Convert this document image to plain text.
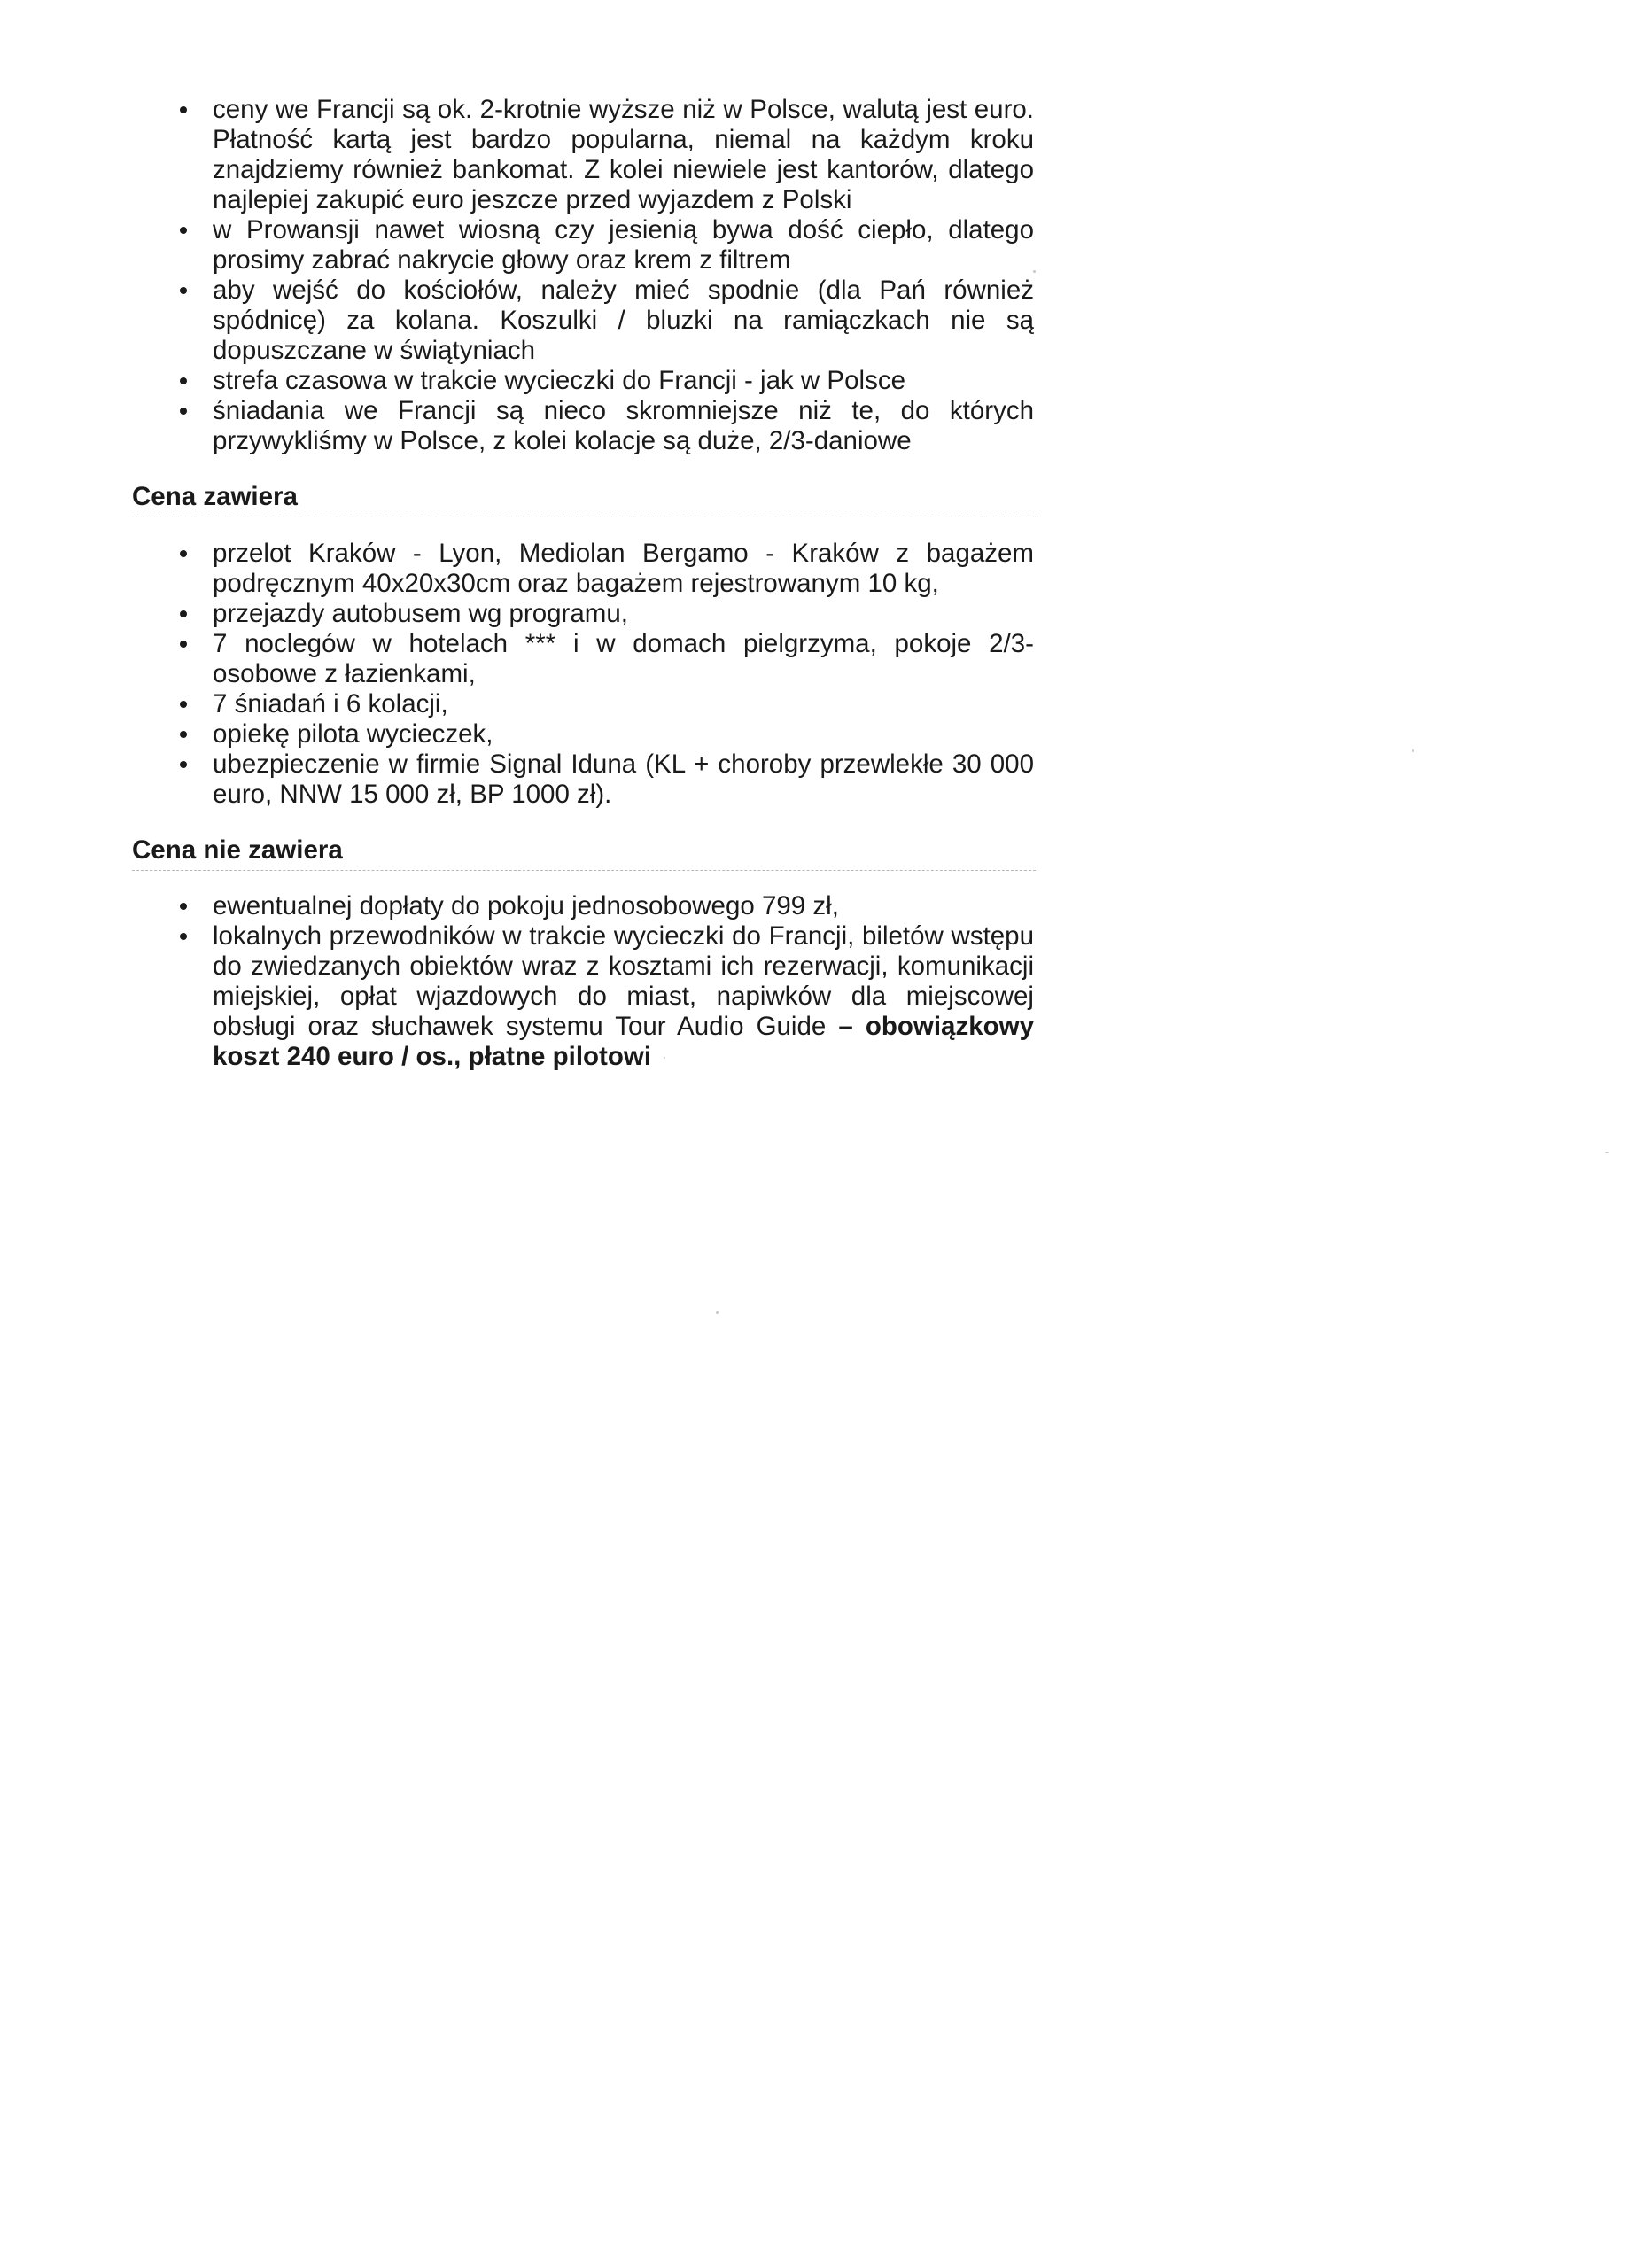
ceny we Francji są ok. 2-krotnie wyższe niż w Polsce, walutą jest euro. Płatność kartą jest bardzo popularna, niemal na każdym kroku znajdziemy również bankomat. Z kolei niewiele jest kantorów, dlatego najlepiej zakupić euro jeszcze przed wyjazdem z Polski
w Prowansji nawet wiosną czy jesienią bywa dość ciepło, dlatego prosimy zabrać nakrycie głowy oraz krem z filtrem
aby wejść do kościołów, należy mieć spodnie (dla Pań również spódnicę) za kolana. Koszulki / bluzki na ramiączkach nie są dopuszczane w świątyniach
strefa czasowa w trakcie wycieczki do Francji - jak w Polsce
śniadania we Francji są nieco skromniejsze niż te, do których przywykliśmy w Polsce, z kolei kolacje są duże, 2/3-daniowe
Cena zawiera
przelot Kraków - Lyon, Mediolan Bergamo - Kraków z bagażem podręcznym 40x20x30cm oraz bagażem rejestrowanym 10 kg,
przejazdy autobusem wg programu,
7 noclegów w hotelach *** i w domach pielgrzyma, pokoje 2/3-osobowe z łazienkami,
7 śniadań i 6 kolacji,
opiekę pilota wycieczek,
ubezpieczenie w firmie Signal Iduna (KL + choroby przewlekłe 30 000 euro, NNW 15 000 zł, BP 1000 zł).
Cena nie zawiera
ewentualnej dopłaty do pokoju jednosobowego 799 zł,
lokalnych przewodników w trakcie wycieczki do Francji, biletów wstępu do zwiedzanych obiektów wraz z kosztami ich rezerwacji, komunikacji miejskiej, opłat wjazdowych do miast, napiwków dla miejscowej obsługi oraz słuchawek systemu Tour Audio Guide – obowiązkowy koszt 240 euro / os., płatne pilotowi
